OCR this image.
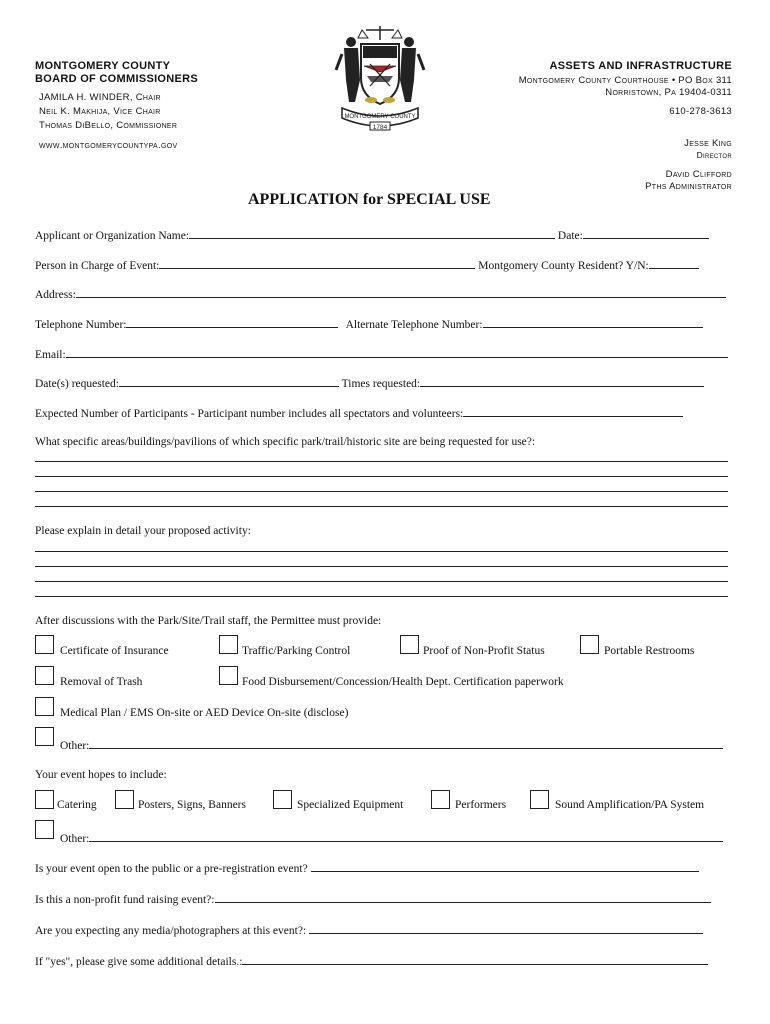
MONTGOMERY COUNTY
BOARD OF COMMISSIONERS
JAMILA H. WINDER, Chair
Neil K. Makhija, Vice Chair
Thomas DiBello, Commissioner
www.montgomerycountypa.gov
MONTGOMERY COUNTY
1784
ASSETS AND INFRASTRUCTURE
Montgomery County Courthouse • PO Box 311
Norristown, Pa 19404-0311
610-278-3613
Jesse King
Director
David Clifford
Pths Administrator
APPLICATION for SPECIAL USE
Applicant or Organization Name:	Date:
Person in Charge of Event:	Montgomery County Resident? Y/N:
Address:
Telephone Number:	Alternate Telephone Number:
Email:
Date(s) requested:	Times requested:
Expected Number of Participants - Participant number includes all spectators and volunteers:
What specific areas/buildings/pavilions of which specific park/trail/historic site are being requested for use?:
Please explain in detail your proposed activity:
After discussions with the Park/Site/Trail staff, the Permittee must provide:
Certificate of Insurance	Traffic/Parking Control	Proof of Non-Profit Status	Portable Restrooms
Removal of Trash	Food Disbursement/Concession/Health Dept. Certification paperwork
Medical Plan / EMS On-site or AED Device On-site (disclose)
Other:
Your event hopes to include:
Catering	Posters, Signs, Banners	Specialized Equipment	Performers	Sound Amplification/PA System
Other:
Is your event open to the public or a pre-registration event?
Is this a non-profit fund raising event?:
Are you expecting any media/photographers at this event?:
If "yes", please give some additional details.:
